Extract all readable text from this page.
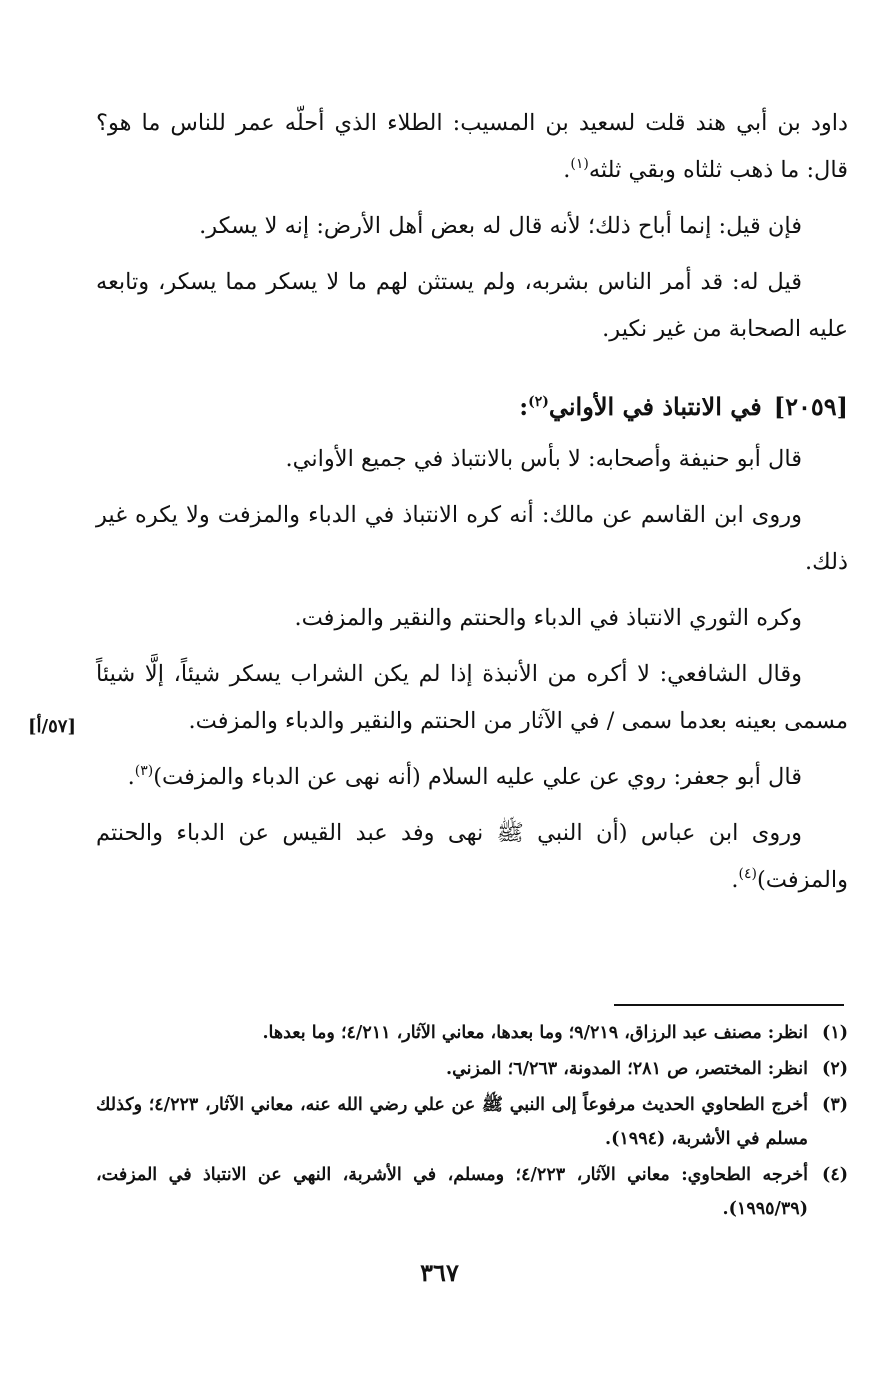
داود بن أبي هند قلت لسعيد بن المسيب: الطلاء الذي أحلّه عمر للناس ما هو؟ قال: ما ذهب ثلثاه وبقي ثلثه$^{(١)}$.

فإن قيل: إنما أباح ذلك؛ لأنه قال له بعض أهل الأرض: إنه لا يسكر.

قيل له: قد أمر الناس بشربه، ولم يستثن لهم ما لا يسكر مما يسكر، وتابعه عليه الصحابة من غير نكير.

[٢٠٥٩]في الانتباذ في الأواني$^{(٢)}$:

قال أبو حنيفة وأصحابه: لا بأس بالانتباذ في جميع الأواني.

وروى ابن القاسم عن مالك: أنه كره الانتباذ في الدباء والمزفت ولا يكره غير ذلك.

وكره الثوري الانتباذ في الدباء والحنتم والنقير والمزفت.

وقال الشافعي: لا أكره من الأنبذة إذا لم يكن الشراب يسكر شيئاً، إلَّا شيئاً مسمى بعينه بعدما سمى / في الآثار من الحنتم والنقير والدباء والمزفت.

قال أبو جعفر: روي عن علي عليه السلام (أنه نهى عن الدباء والمزفت)$^{(٣)}$.

وروى ابن عباس (أن النبي ﷺ نهى وفد عبد القيس عن الدباء والحنتم والمزفت)$^{(٤)}$.

[٥٧/أ]
(١)
انظر: مصنف عبد الرزاق، ٩/٢١٩؛ وما بعدها، معاني الآثار، ٤/٢١١؛ وما بعدها.
(٢)
انظر: المختصر، ص ٢٨١؛ المدونة، ٦/٢٦٣؛ المزني.
(٣)
أخرج الطحاوي الحديث مرفوعاً إلى النبي ﷺ عن علي رضي الله عنه، معاني الآثار، ٤/٢٢٣؛ وكذلك مسلم في الأشربة، (١٩٩٤).
(٤)
أخرجه الطحاوي: معاني الآثار، ٤/٢٢٣؛ ومسلم، في الأشربة، النهي عن الانتباذ في المزفت، (١٩٩٥/٣٩).
٣٦٧
